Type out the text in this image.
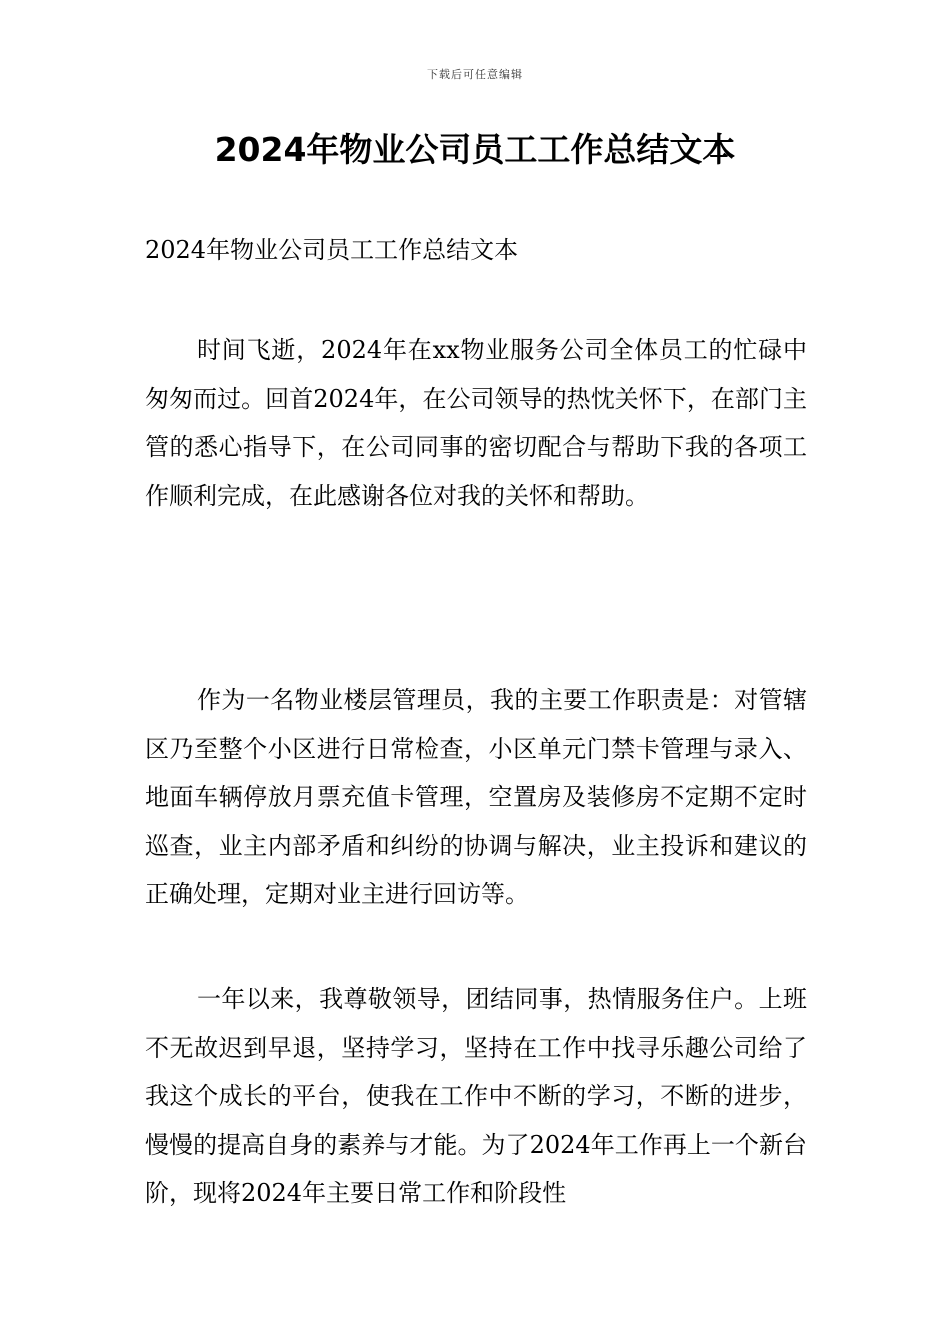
下载后可任意编辑
2024年物业公司员工工作总结文本
2024年物业公司员工工作总结文本

时间飞逝，2024年在xx物业服务公司全体员工的忙碌中匆匆而过。回首2024年，在公司领导的热忱关怀下，在部门主管的悉心指导下，在公司同事的密切配合与帮助下我的各项工作顺利完成，在此感谢各位对我的关怀和帮助。

作为一名物业楼层管理员，我的主要工作职责是：对管辖区乃至整个小区进行日常检查，小区单元门禁卡管理与录入、地面车辆停放月票充值卡管理，空置房及装修房不定期不定时巡查，业主内部矛盾和纠纷的协调与解决，业主投诉和建议的正确处理，定期对业主进行回访等。

一年以来，我尊敬领导，团结同事，热情服务住户。上班不无故迟到早退，坚持学习，坚持在工作中找寻乐趣公司给了我这个成长的平台，使我在工作中不断的学习，不断的进步，慢慢的提高自身的素养与才能。为了2024年工作再上一个新台阶，现将2024年主要日常工作和阶段性
